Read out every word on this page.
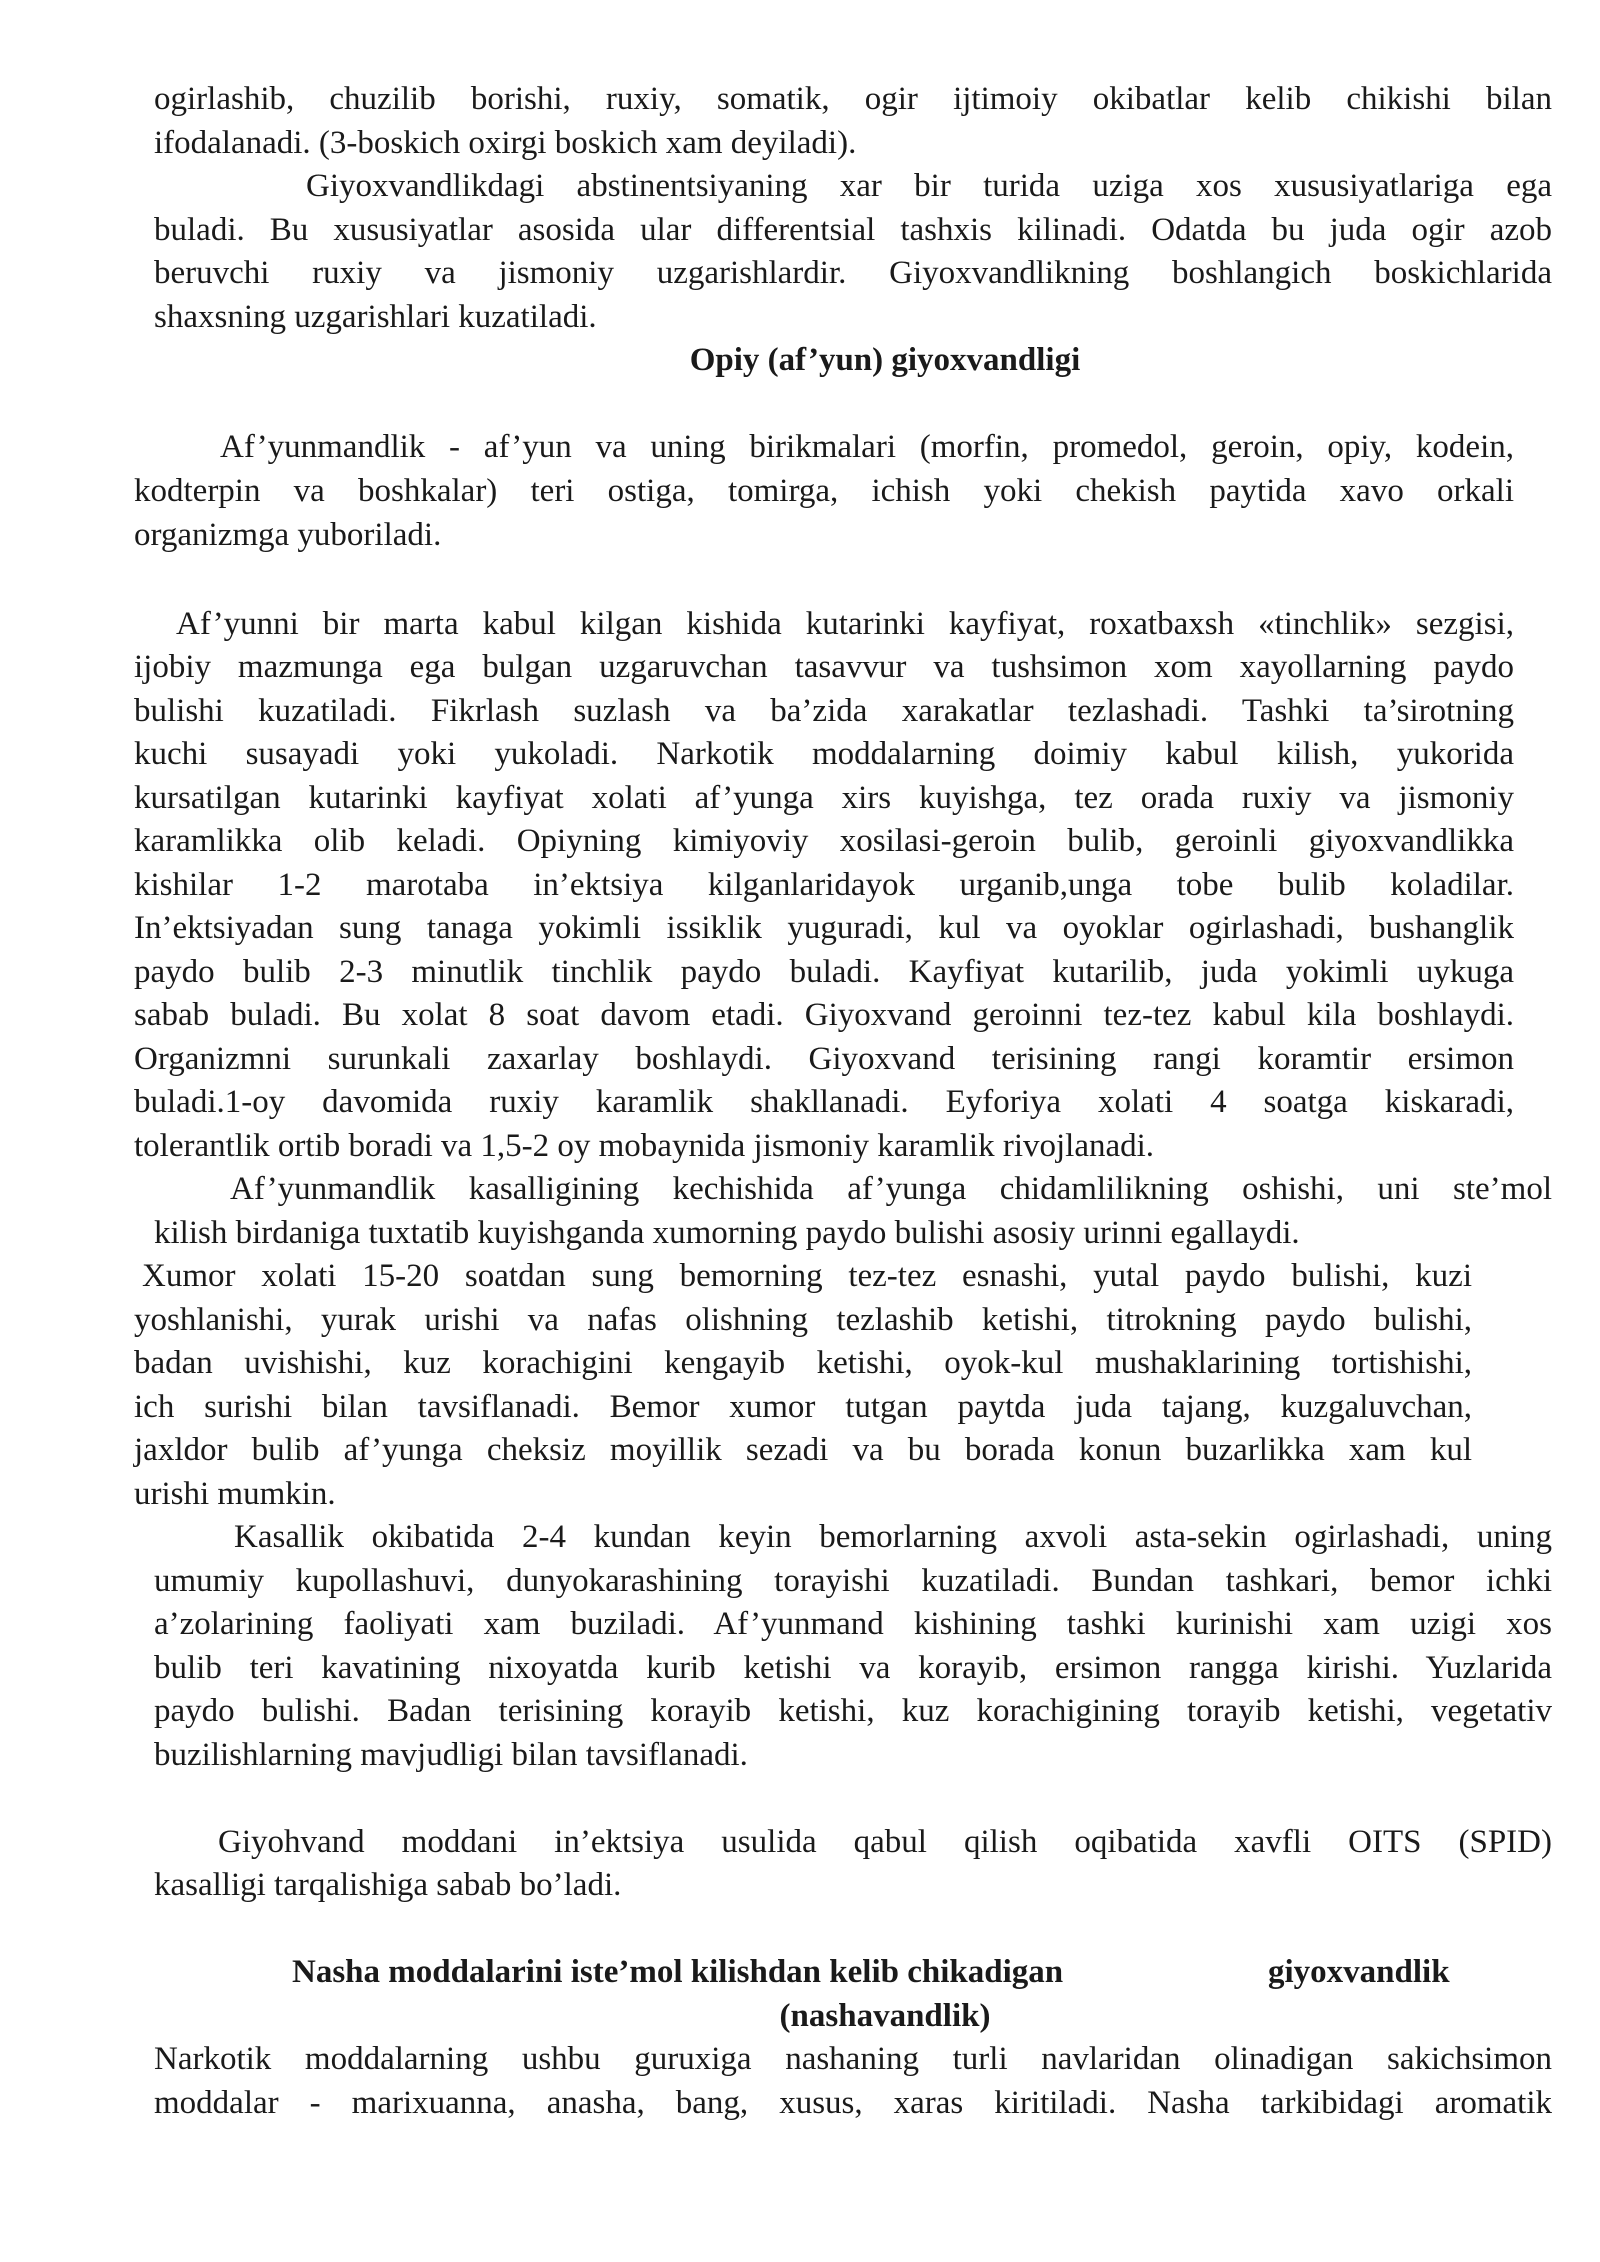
ogirlashib, chuzilib borishi, ruxiy, somatik, ogir ijtimoiy okibatlar kelib chikishi bilan
ifodalanadi. (3-boskich oxirgi boskich xam deyiladi).
Giyoxvandlikdagi abstinentsiyaning xar bir turida uziga xos xususiyatlariga ega
buladi. Bu xususiyatlar asosida ular differentsial tashxis kilinadi. Odatda bu juda ogir azob
beruvchi ruxiy va jismoniy uzgarishlardir. Giyoxvandlikning boshlangich boskichlarida
shaxsning uzgarishlari kuzatiladi.
Opiy (af’yun) giyoxvandligi
Af’yunmandlik - af’yun va uning birikmalari (morfin, promedol, geroin, opiy, kodein,
kodterpin va boshkalar) teri ostiga, tomirga, ichish yoki chekish paytida xavo orkali
organizmga yuboriladi.
Af’yunni bir marta kabul kilgan kishida kutarinki kayfiyat, roxatbaxsh «tinchlik» sezgisi,
ijobiy mazmunga ega bulgan uzgaruvchan tasavvur va tushsimon xom xayollarning paydo
bulishi kuzatiladi. Fikrlash suzlash va ba’zida xarakatlar tezlashadi. Tashki ta’sirotning
kuchi susayadi yoki yukoladi. Narkotik moddalarning doimiy kabul kilish, yukorida
kursatilgan kutarinki kayfiyat xolati af’yunga xirs kuyishga, tez orada ruxiy va jismoniy
karamlikka olib keladi. Opiyning kimiyoviy xosilasi-geroin bulib, geroinli giyoxvandlikka
kishilar 1-2 marotaba in’ektsiya kilganlaridayok urganib,unga tobe bulib koladilar.
In’ektsiyadan sung tanaga yokimli issiklik yuguradi, kul va oyoklar ogirlashadi, bushanglik
paydo bulib 2-3 minutlik tinchlik paydo buladi. Kayfiyat kutarilib, juda yokimli uykuga
sabab buladi. Bu xolat 8 soat davom etadi. Giyoxvand geroinni tez-tez kabul kila boshlaydi.
Organizmni surunkali zaxarlay boshlaydi. Giyoxvand terisining rangi koramtir ersimon
buladi.1-oy davomida ruxiy karamlik shakllanadi. Eyforiya xolati 4 soatga kiskaradi,
tolerantlik ortib boradi va 1,5-2 oy mobaynida jismoniy karamlik rivojlanadi.
Af’yunmandlik kasalligining kechishida af’yunga chidamlilikning oshishi, uni ste’mol
kilish birdaniga tuxtatib kuyishganda xumorning paydo bulishi asosiy urinni egallaydi.
Xumor xolati 15-20 soatdan sung bemorning tez-tez esnashi, yutal paydo bulishi, kuzi
yoshlanishi, yurak urishi va nafas olishning tezlashib ketishi, titrokning paydo bulishi,
badan uvishishi, kuz korachigini kengayib ketishi, oyok-kul mushaklarining tortishishi,
ich surishi bilan tavsiflanadi. Bemor xumor tutgan paytda juda tajang, kuzgaluvchan,
jaxldor bulib af’yunga cheksiz moyillik sezadi va bu borada konun buzarlikka xam kul
urishi mumkin.
Kasallik okibatida 2-4 kundan keyin bemorlarning axvoli asta-sekin ogirlashadi, uning
umumiy kupollashuvi, dunyokarashining torayishi kuzatiladi. Bundan tashkari, bemor ichki
a’zolarining faoliyati xam buziladi. Af’yunmand kishining tashki kurinishi xam uzigi xos
bulib teri kavatining nixoyatda kurib ketishi va korayib, ersimon rangga kirishi. Yuzlarida
paydo bulishi. Badan terisining korayib ketishi, kuz korachigining torayib ketishi, vegetativ
buzilishlarning mavjudligi bilan tavsiflanadi.
Giyohvand moddani in’ektsiya usulida qabul qilish oqibatida xavfli OITS (SPID)
kasalligi tarqalishiga sabab bo’ladi.
Nasha moddalarini iste’mol kilishdan kelib chikadigan	giyoxvandlik
(nashavandlik)
Narkotik moddalarning ushbu guruxiga nashaning turli navlaridan olinadigan sakichsimon
moddalar - marixuanna, anasha, bang, xusus, xaras kiritiladi. Nasha tarkibidagi aromatik
